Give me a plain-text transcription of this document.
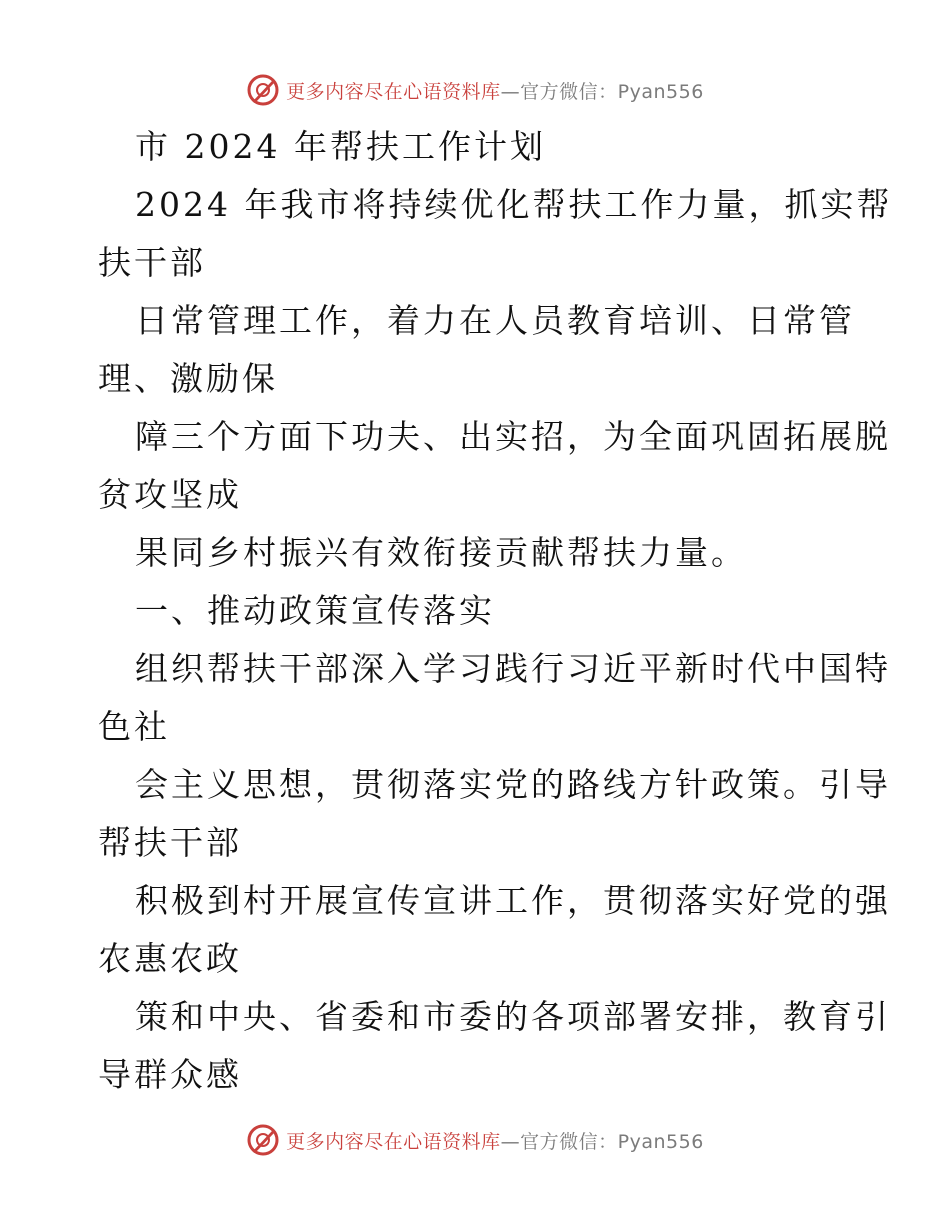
更多内容尽在心语资料库—官方微信：Pyan556
市 2024 年帮扶工作计划
2024 年我市将持续优化帮扶工作力量，抓实帮
扶干部
日常管理工作，着力在人员教育培训、日常管
理、激励保
障三个方面下功夫、出实招，为全面巩固拓展脱
贫攻坚成
果同乡村振兴有效衔接贡献帮扶力量。
一、推动政策宣传落实
组织帮扶干部深入学习践行习近平新时代中国特
色社
会主义思想，贯彻落实党的路线方针政策。引导
帮扶干部
积极到村开展宣传宣讲工作，贯彻落实好党的强
农惠农政
策和中央、省委和市委的各项部署安排，教育引
导群众感
更多内容尽在心语资料库—官方微信：Pyan556
